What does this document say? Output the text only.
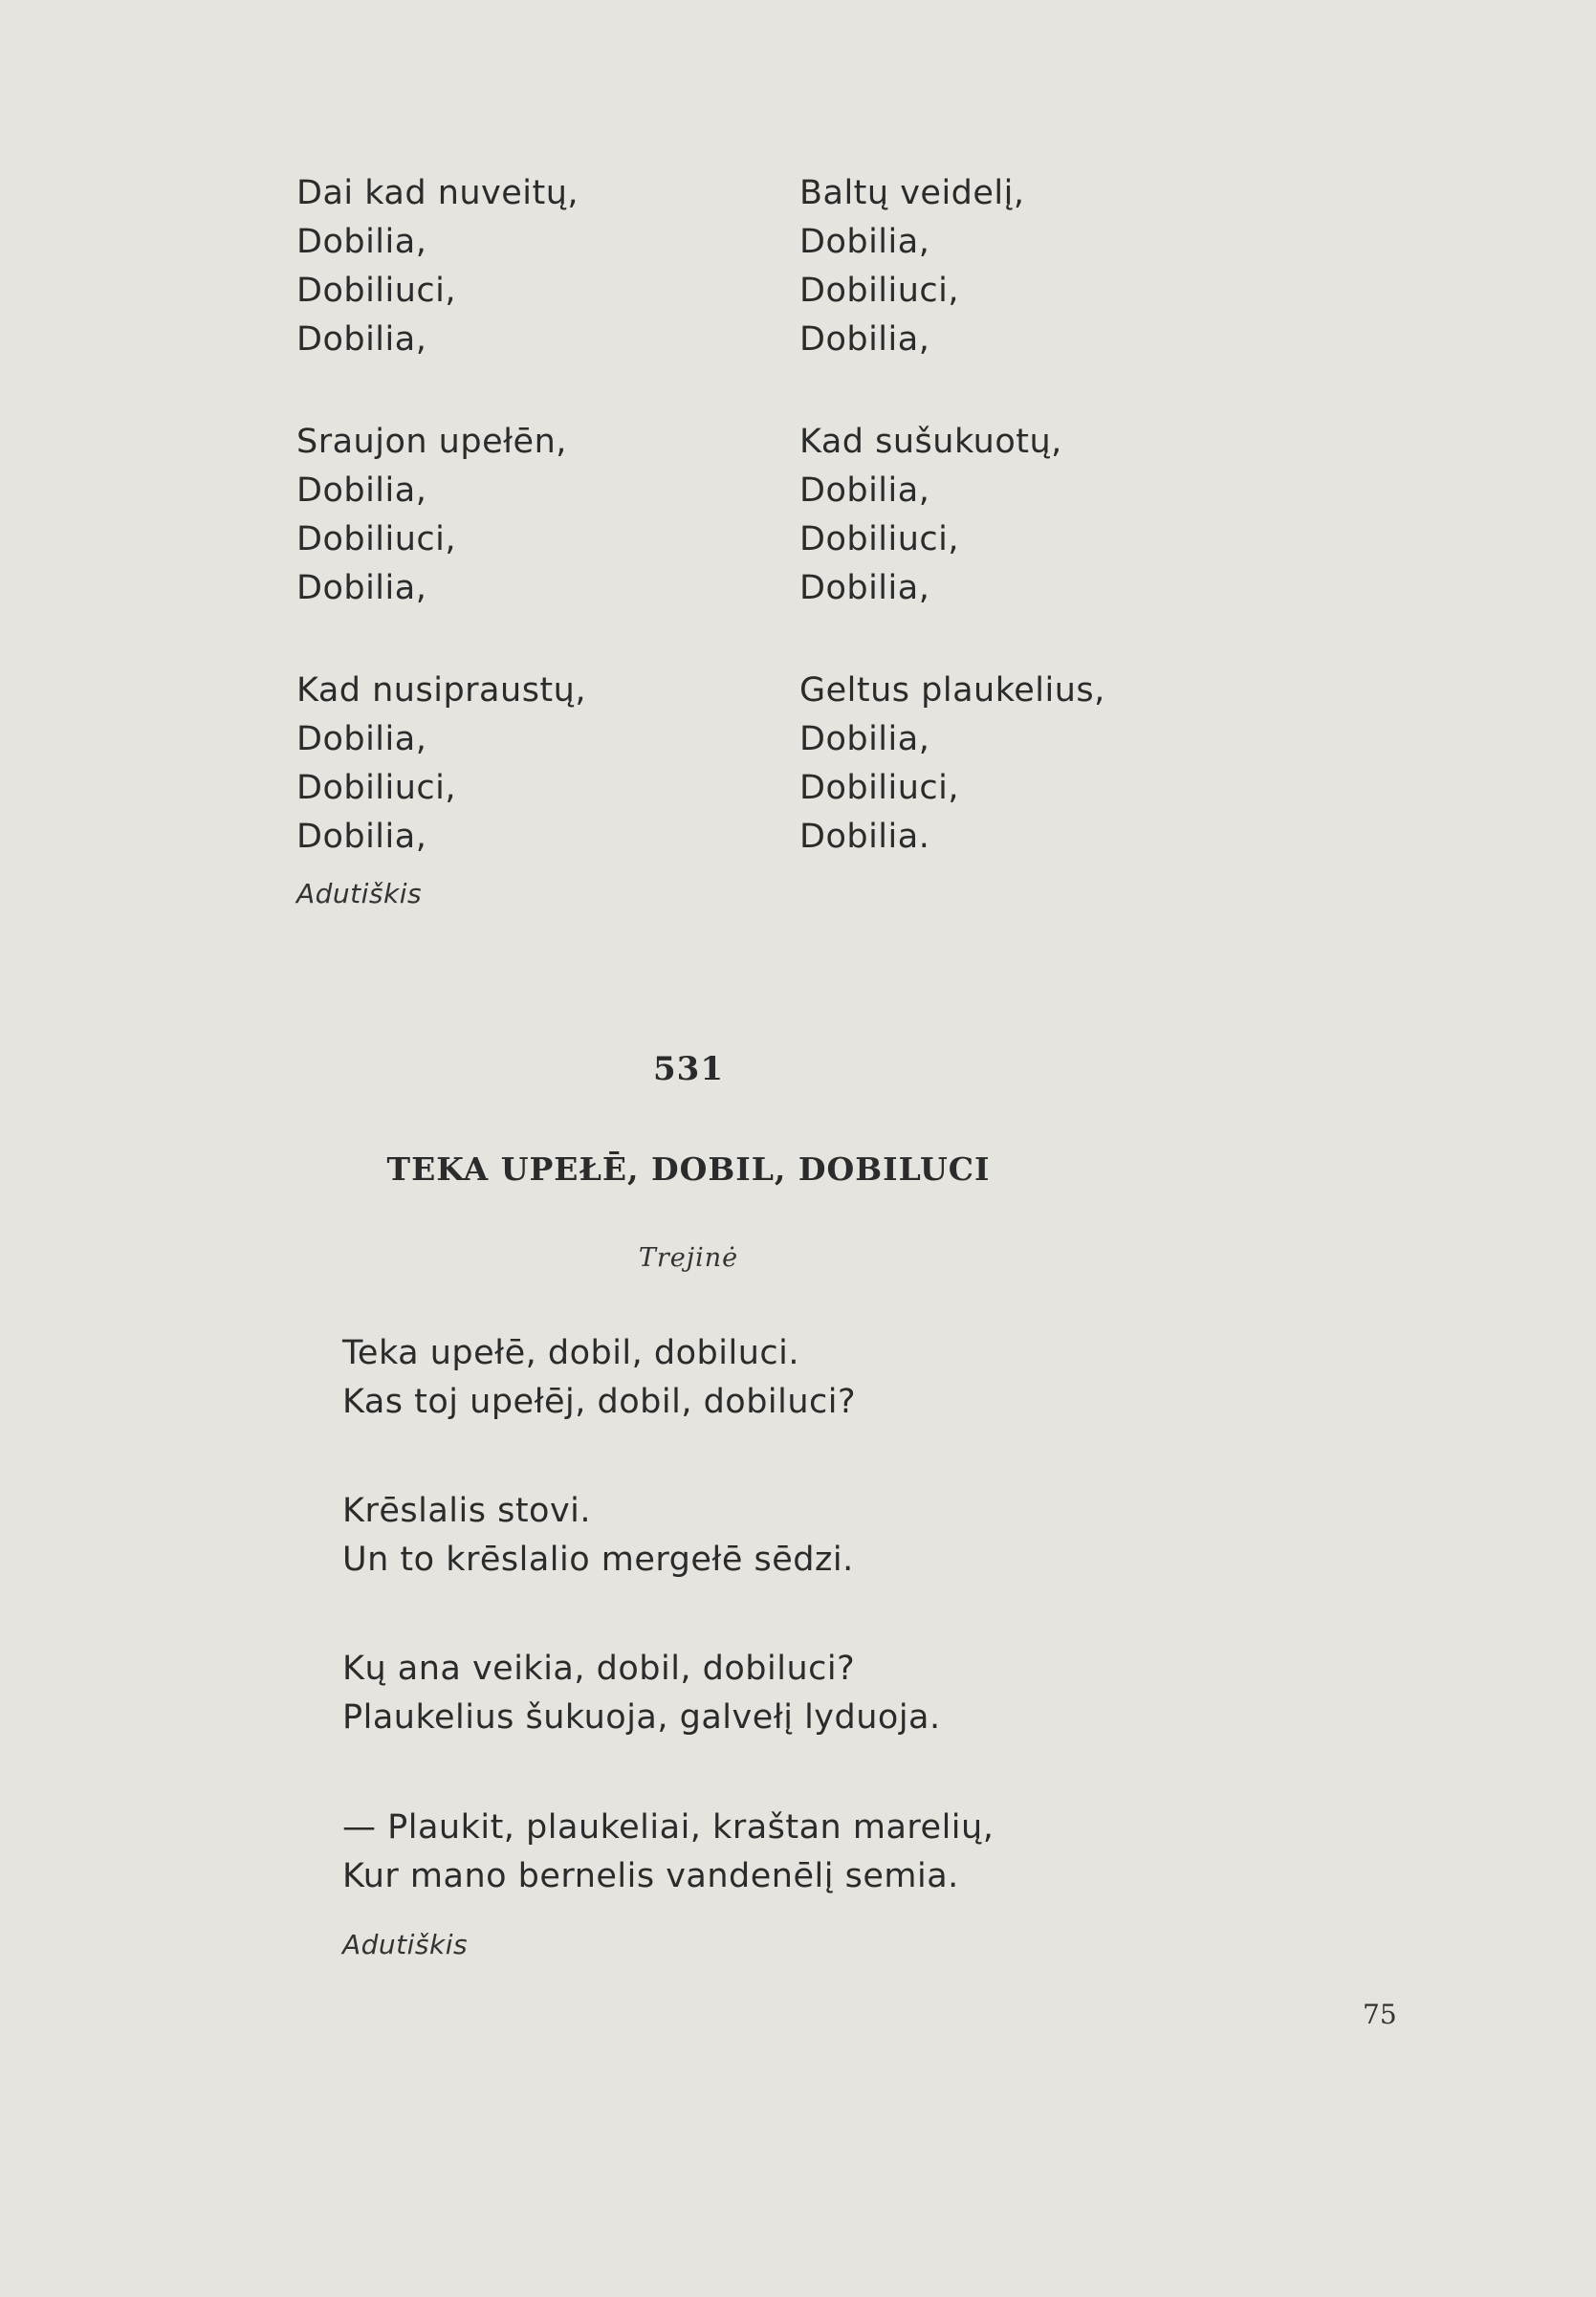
Dai kad nuveitų,
Dobilia,
Dobiliuci,
Dobilia,
Sraujon upełēn,
Dobilia,
Dobiliuci,
Dobilia,
Kad nusipraustų,
Dobilia,
Dobiliuci,
Dobilia,
Baltų veidelį,
Dobilia,
Dobiliuci,
Dobilia,
Kad sušukuotų,
Dobilia,
Dobiliuci,
Dobilia,
Geltus plaukelius,
Dobilia,
Dobiliuci,
Dobilia.
Adutiškis
531
TEKA UPEŁĒ, DOBIL, DOBILUCI
Trejinė
Teka upełē, dobil, dobiluci.
Kas toj upełēj, dobil, dobiluci?
Krēslalis stovi.
Un to krēslalio mergełē sēdzi.
Kų ana veikia, dobil, dobiluci?
Plaukelius šukuoja, galvełį lyduoja.
— Plaukit, plaukeliai, kraštan marelių,
Kur mano bernelis vandenēlį semia.
Adutiškis
75
